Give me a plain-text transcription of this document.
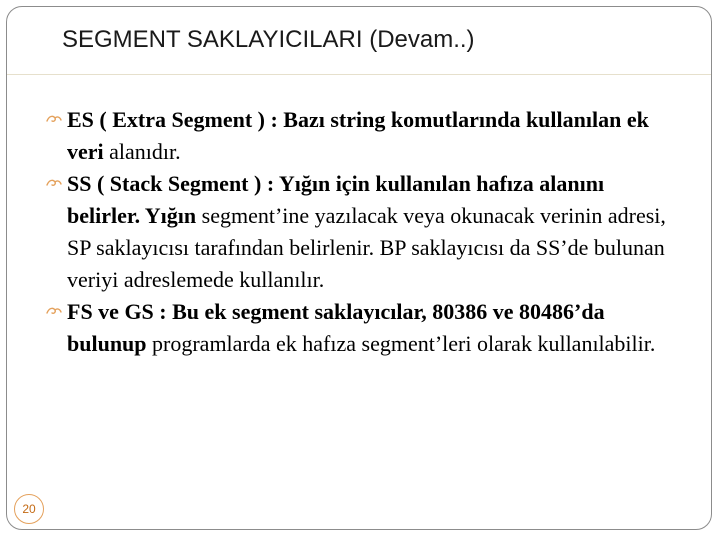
SEGMENT SAKLAYICILARI (Devam..)

ES ( Extra Segment ) : Bazı string komutlarında kullanılan ek veri alanıdır.

SS ( Stack Segment ) : Yığın için kullanılan hafıza alanını belirler. Yığın segment’ine yazılacak veya okunacak verinin adresi, SP saklayıcısı tarafından belirlenir. BP saklayıcısı da SS’de bulunan veriyi adreslemede kullanılır.

FS ve GS : Bu ek segment saklayıcılar, 80386 ve 80486’da bulunup programlarda ek hafıza segment’leri olarak kullanılabilir.

20
